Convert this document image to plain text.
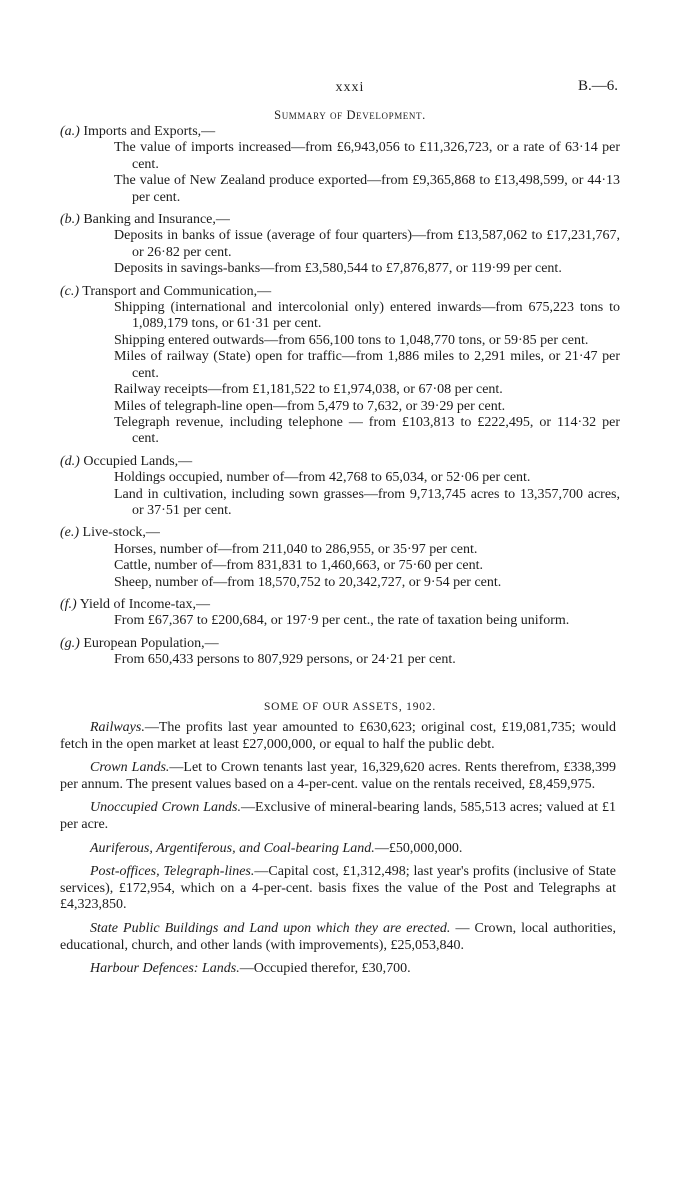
xxxi	B.—6.
Summary of Development.
(a.) Imports and Exports,—
The value of imports increased—from £6,943,056 to £11,326,723, or a rate of 63·14 per cent.
The value of New Zealand produce exported—from £9,365,868 to £13,498,599, or 44·13 per cent.
(b.) Banking and Insurance,—
Deposits in banks of issue (average of four quarters)—from £13,587,062 to £17,231,767, or 26·82 per cent.
Deposits in savings-banks—from £3,580,544 to £7,876,877, or 119·99 per cent.
(c.) Transport and Communication,—
Shipping (international and intercolonial only) entered inwards—from 675,223 tons to 1,089,179 tons, or 61·31 per cent.
Shipping entered outwards—from 656,100 tons to 1,048,770 tons, or 59·85 per cent.
Miles of railway (State) open for traffic—from 1,886 miles to 2,291 miles, or 21·47 per cent.
Railway receipts—from £1,181,522 to £1,974,038, or 67·08 per cent.
Miles of telegraph-line open—from 5,479 to 7,632, or 39·29 per cent.
Telegraph revenue, including telephone — from £103,813 to £222,495, or 114·32 per cent.
(d.) Occupied Lands,—
Holdings occupied, number of—from 42,768 to 65,034, or 52·06 per cent.
Land in cultivation, including sown grasses—from 9,713,745 acres to 13,357,700 acres, or 37·51 per cent.
(e.) Live-stock,—
Horses, number of—from 211,040 to 286,955, or 35·97 per cent.
Cattle, number of—from 831,831 to 1,460,663, or 75·60 per cent.
Sheep, number of—from 18,570,752 to 20,342,727, or 9·54 per cent.
(f.) Yield of Income-tax,—
From £67,367 to £200,684, or 197·9 per cent., the rate of taxation being uniform.
(g.) European Population,—
From 650,433 persons to 807,929 persons, or 24·21 per cent.
SOME OF OUR ASSETS, 1902.
Railways.—The profits last year amounted to £630,623; original cost, £19,081,735; would fetch in the open market at least £27,000,000, or equal to half the public debt.
Crown Lands.—Let to Crown tenants last year, 16,329,620 acres. Rents therefrom, £338,399 per annum. The present values based on a 4-per-cent. value on the rentals received, £8,459,975.
Unoccupied Crown Lands.—Exclusive of mineral-bearing lands, 585,513 acres; valued at £1 per acre.
Auriferous, Argentiferous, and Coal-bearing Land.—£50,000,000.
Post-offices, Telegraph-lines.—Capital cost, £1,312,498; last year's profits (inclusive of State services), £172,954, which on a 4-per-cent. basis fixes the value of the Post and Telegraphs at £4,323,850.
State Public Buildings and Land upon which they are erected. — Crown, local authorities, educational, church, and other lands (with improvements), £25,053,840.
Harbour Defences: Lands.—Occupied therefor, £30,700.
